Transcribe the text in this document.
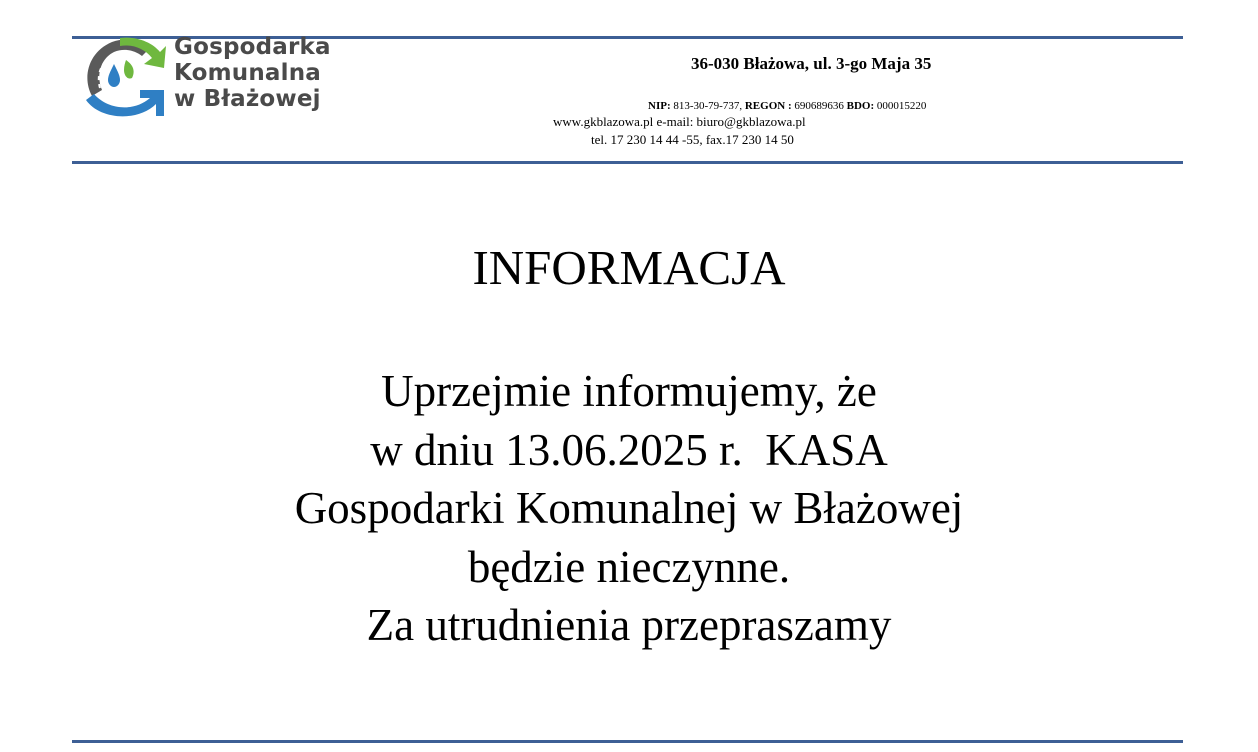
Gospodarka
Komunalna
w Błażowej
36-030 Błażowa, ul. 3-go Maja 35
NIP: 813-30-79-737, REGON : 690689636 BDO: 000015220
www.gkblazowa.pl e-mail: biuro@gkblazowa.pl
tel. 17 230 14 44 -55, fax.17 230 14 50
INFORMACJA
Uprzejmie informujemy, że
w dniu 13.06.2025 r.  KASA
Gospodarki Komunalnej w Błażowej
będzie nieczynne.
Za utrudnienia przepraszamy
